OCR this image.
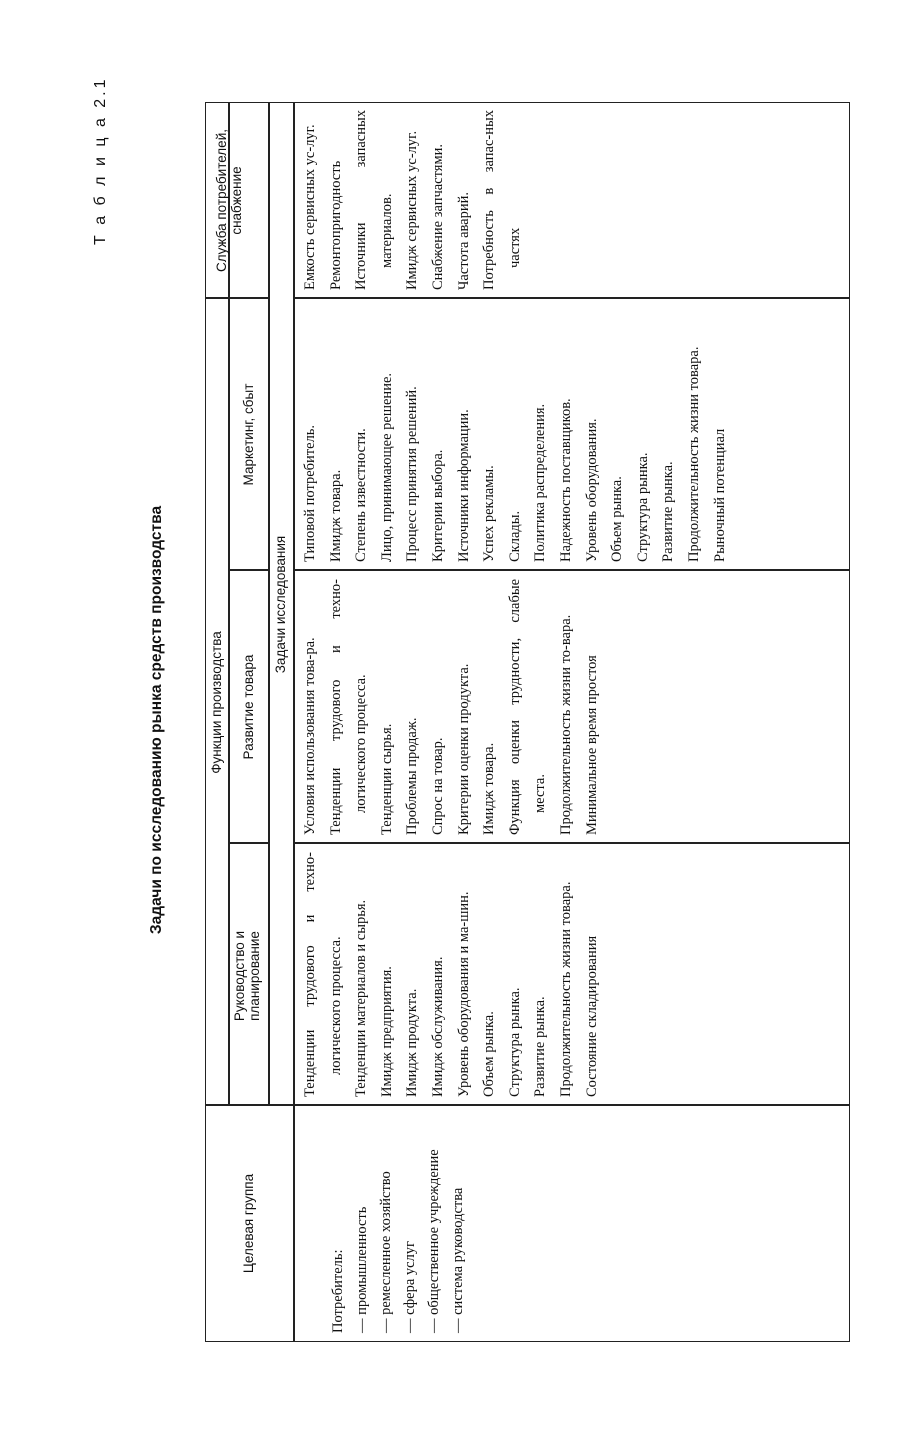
Т а б л и ц а 2.1
Задачи по исследованию рынка средств производства
Целевая группа
Функции производства
Руководство и планирование
Развитие товара
Маркетинг, сбыт
Служба потребителей, снабжение
Задачи исследования
Потребитель: — промышленность — ремесленное хозяйство — сфера услуг — общественное учреждение — система руководства
Тенденции трудового и техно-логического процесса. Тенденции материалов и сырья. Имидж предприятия. Имидж продукта. Имидж обслуживания. Уровень оборудования и ма-шин. Объем рынка. Структура рынка. Развитие рынка. Продолжительность жизни товара. Состояние складирования
Условия использования това-ра. Тенденции трудового и техно-логического процесса. Тенденции сырья. Проблемы продаж. Спрос на товар. Критерии оценки продукта. Имидж товара. Функция оценки трудности, слабые места. Продолжительность жизни то-вара. Минимальное время простоя
Типовой потребитель. Имидж товара. Степень известности. Лицо, принимающее решение. Процесс принятия решений. Критерии выбора. Источники информации. Успех рекламы. Склады. Политика распределения. Надежность поставщиков. Уровень оборудования. Объем рынка. Структура рынка. Развитие рынка. Продолжительность жизни товара. Рыночный потенциал
Емкость сервисных ус-луг. Ремонтопригодность Источники запасных материалов. Имидж сервисных ус-луг. Снабжение запчастями. Частота аварий. Потребность в запас-ных частях
